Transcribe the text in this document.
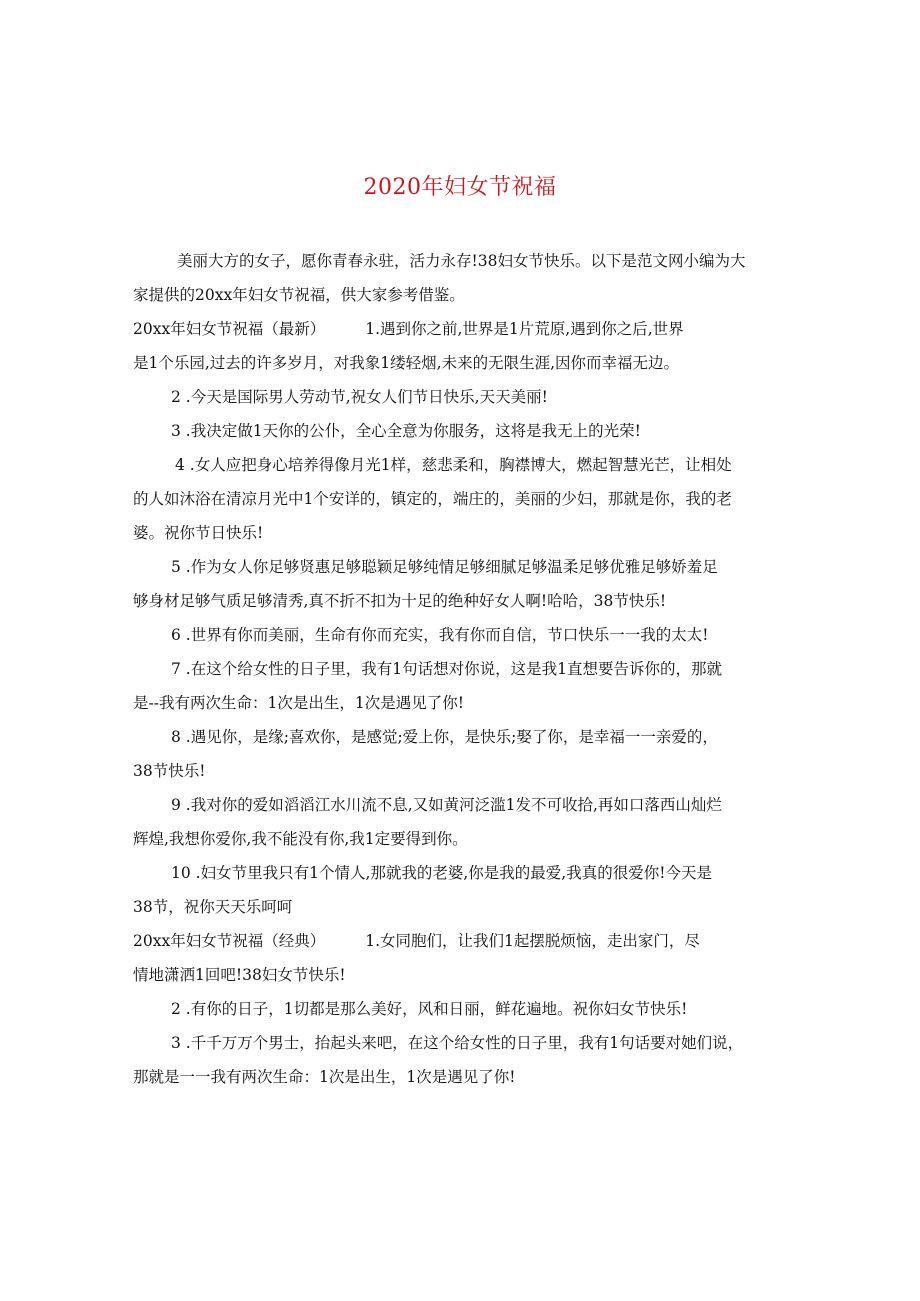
2020年妇女节祝福
美丽大方的女子，愿你青春永驻，活力永存!38妇女节快乐。以下是范文网小编为大
家提供的20xx年妇女节祝福，供大家参考借鉴。
20xx年妇女节祝福（最新）	1.遇到你之前,世界是1片荒原,遇到你之后,世界
是1个乐园,过去的许多岁月，对我象1缕轻烟,未来的无限生涯,因你而幸福无边。
2 .今天是国际男人劳动节,祝女人们节日快乐,天天美丽!
3 .我决定做1天你的公仆，全心全意为你服务，这将是我无上的光荣!
4 .女人应把身心培养得像月光1样，慈悲柔和，胸襟博大，燃起智慧光芒，让相处
的人如沐浴在清凉月光中1个安详的，镇定的，端庄的，美丽的少妇，那就是你，我的老
婆。祝你节日快乐!
5 .作为女人你足够贤惠足够聪颖足够纯情足够细腻足够温柔足够优雅足够娇羞足
够身材足够气质足够清秀,真不折不扣为十足的绝种好女人啊!哈哈，38节快乐!
6 .世界有你而美丽，生命有你而充实，我有你而自信，节口快乐一一我的太太!
7 .在这个给女性的日子里，我有1句话想对你说，这是我1直想要告诉你的，那就
是--我有两次生命：1次是出生，1次是遇见了你!
8 .遇见你，是缘;喜欢你，是感觉;爱上你，是快乐;娶了你，是幸福一一亲爱的，
38节快乐!
9 .我对你的爱如滔滔江水川流不息,又如黄河泛滥1发不可收拾,再如口落西山灿烂
辉煌,我想你爱你,我不能没有你,我1定要得到你。
10 .妇女节里我只有1个情人,那就我的老婆,你是我的最爱,我真的很爱你!今天是
38节，祝你天天乐呵呵
20xx年妇女节祝福（经典）	1.女同胞们，让我们1起摆脱烦恼，走出家门，尽
情地潇洒1回吧!38妇女节快乐!
2 .有你的日子，1切都是那么美好，风和日丽，鲜花遍地。祝你妇女节快乐!
3 .千千万万个男士，抬起头来吧，在这个给女性的日子里，我有1句话要对她们说，
那就是一一我有两次生命：1次是出生，1次是遇见了你!
